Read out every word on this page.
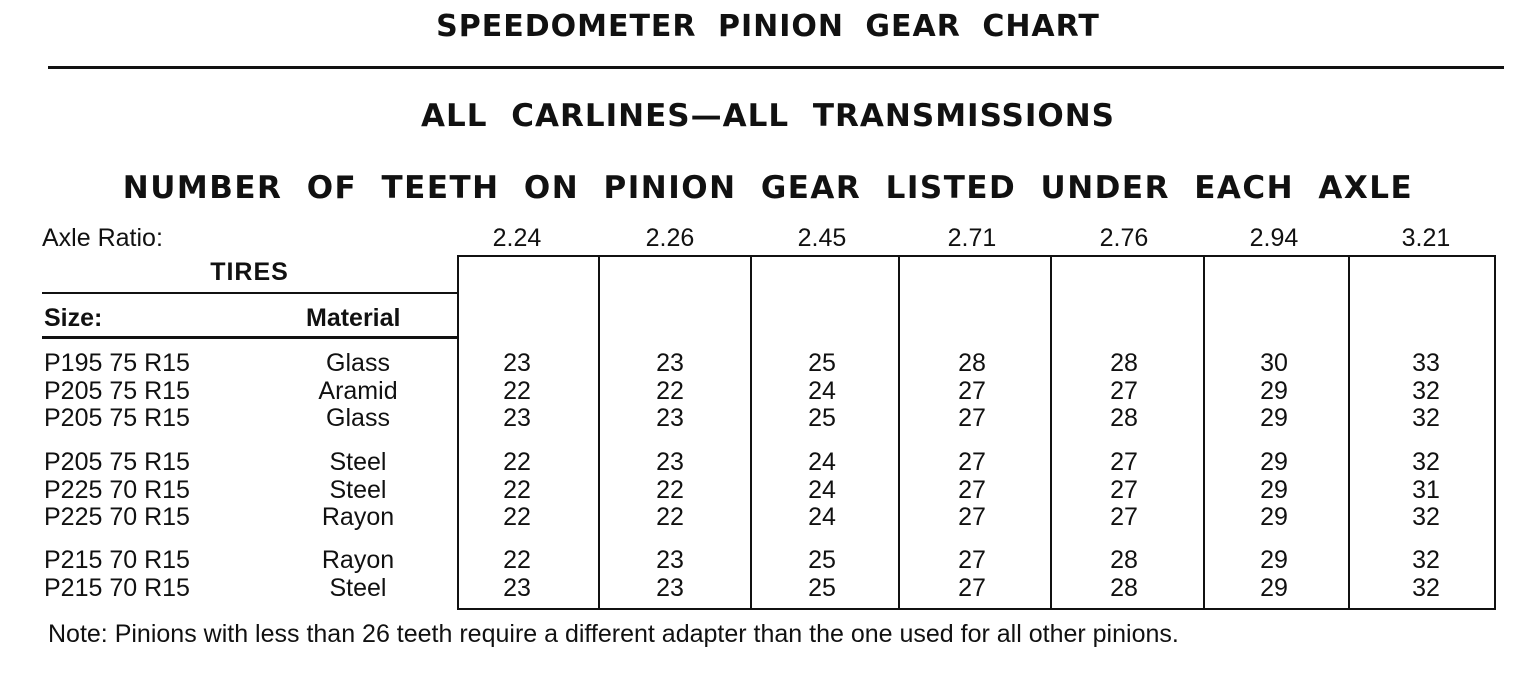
SPEEDOMETER PINION GEAR CHART
ALL CARLINES—ALL TRANSMISSIONS
NUMBER OF TEETH ON PINION GEAR LISTED UNDER EACH AXLE
Axle Ratio:	2.24	2.26	2.45	2.71	2.76	2.94	3.21
TIRES
Size:	Material
P195 75 R15	Glass	23	23	25	28	28	30	33
P205 75 R15	Aramid	22	22	24	27	27	29	32
P205 75 R15	Glass	23	23	25	27	28	29	32
P205 75 R15	Steel	22	23	24	27	27	29	32
P225 70 R15	Steel	22	22	24	27	27	29	31
P225 70 R15	Rayon	22	22	24	27	27	29	32
P215 70 R15	Rayon	22	23	25	27	28	29	32
P215 70 R15	Steel	23	23	25	27	28	29	32
Note: Pinions with less than 26 teeth require a different adapter than the one used for all other pinions.
